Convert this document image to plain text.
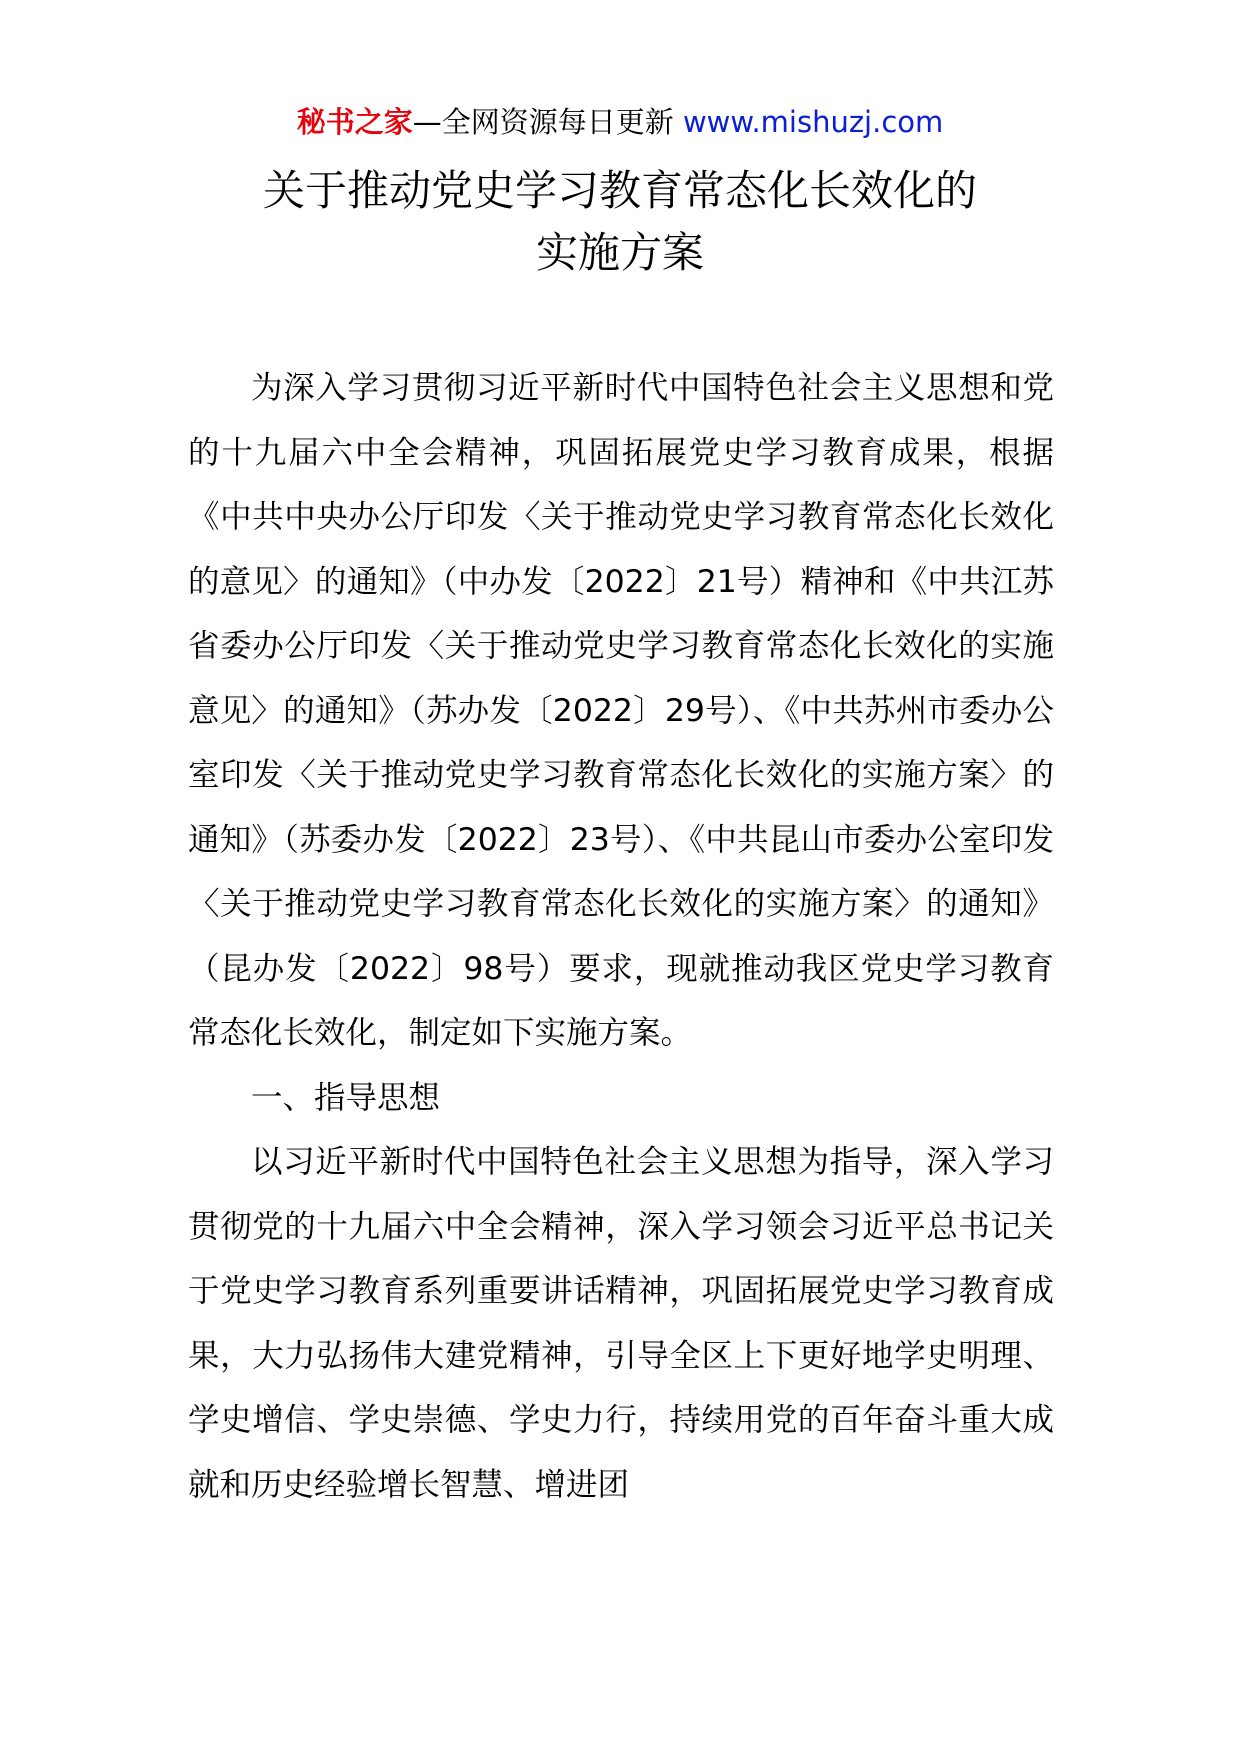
秘书之家—全网资源每日更新 www.mishuzj.com
关于推动党史学习教育常态化长效化的
实施方案

为深入学习贯彻习近平新时代中国特色社会主义思想和党的十九届六中全会精神，巩固拓展党史学习教育成果，根据《中共中央办公厅印发〈关于推动党史学习教育常态化长效化的意见〉的通知》（中办发〔2022〕21号）精神和《中共江苏省委办公厅印发〈关于推动党史学习教育常态化长效化的实施意见〉的通知》（苏办发〔2022〕29号）、《中共苏州市委办公室印发〈关于推动党史学习教育常态化长效化的实施方案〉的通知》（苏委办发〔2022〕23号）、《中共昆山市委办公室印发〈关于推动党史学习教育常态化长效化的实施方案〉的通知》（昆办发〔2022〕98号）要求，现就推动我区党史学习教育常态化长效化，制定如下实施方案。

一、指导思想

以习近平新时代中国特色社会主义思想为指导，深入学习贯彻党的十九届六中全会精神，深入学习领会习近平总书记关于党史学习教育系列重要讲话精神，巩固拓展党史学习教育成果，大力弘扬伟大建党精神，引导全区上下更好地学史明理、学史增信、学史崇德、学史力行，持续用党的百年奋斗重大成就和历史经验增长智慧、增进团
